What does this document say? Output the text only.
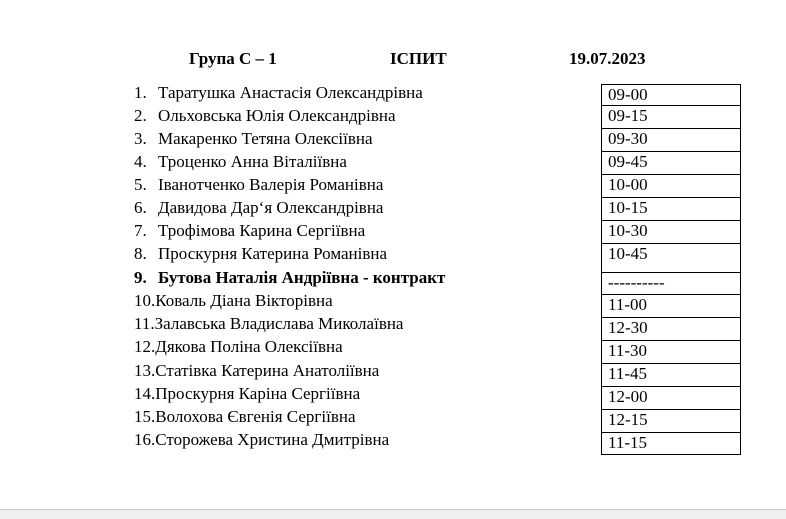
Група С – 1	ІСПИТ	19.07.2023
1. Таратушка Анастасія Олександрівна
2. Ольховська Юлія Олександрівна
3. Макаренко Тетяна Олексіївна
4. Троценко Анна Віталіївна
5. Іванотченко Валерія Романівна
6. Давидова Дар‘я Олександрівна
7. Трофімова Карина Сергіївна
8. Проскурня Катерина Романівна
9. Бутова Наталія Андріївна - контракт
10.Коваль Діана Вікторівна
11.Залавська Владислава Миколаївна
12.Дякова Поліна Олексіївна
13.Статівка Катерина Анатоліївна
14.Проскурня Каріна Сергіївна
15.Волохова Євгенія Сергіївна
16.Сторожева Христина Дмитрівна
09-00
09-15
09-30
09-45
10-00
10-15
10-30
10-45
----------
11-00
12-30
11-30
11-45
12-00
12-15
11-15
